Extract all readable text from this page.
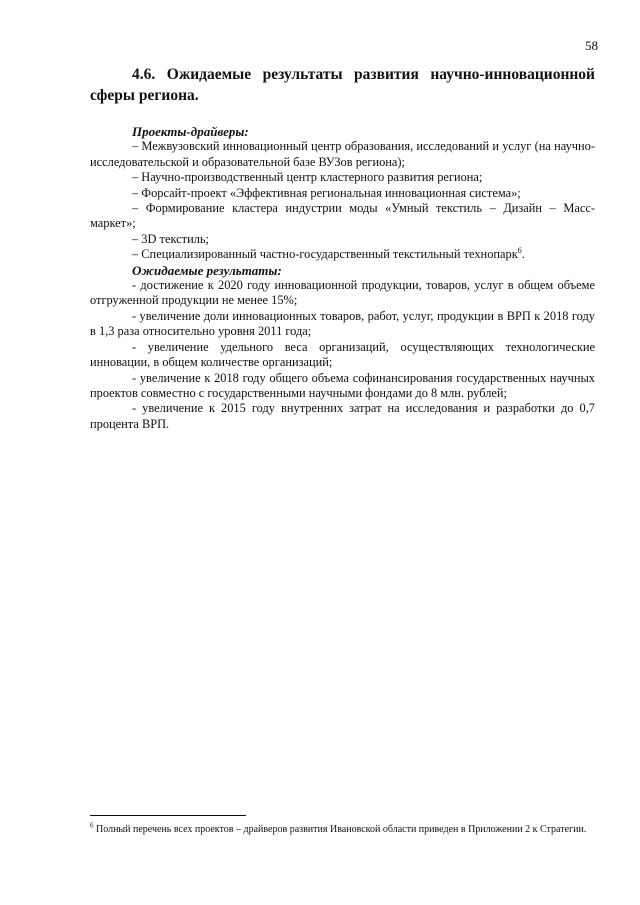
58

4.6. Ожидаемые результаты развития научно-инновационной сферы региона.

Проекты-драйверы:

– Межвузовский инновационный центр образования, исследований и услуг (на научно-исследовательской и образовательной базе ВУЗов региона);

– Научно-производственный центр кластерного развития региона;

– Форсайт-проект «Эффективная региональная инновационная система»;

– Формирование кластера индустрии моды «Умный текстиль – Дизайн – Масс-маркет»;

– 3D текстиль;

– Специализированный частно-государственный текстильный технопарк$^6$.

Ожидаемые результаты:

- достижение к 2020 году инновационной продукции, товаров, услуг в общем объеме отгруженной продукции не менее 15%;

- увеличение доли инновационных товаров, работ, услуг, продукции в ВРП к 2018 году в 1,3 раза относительно уровня 2011 года;

- увеличение удельного веса организаций, осуществляющих технологические инновации, в общем количестве организаций;

- увеличение к 2018 году общего объема софинансирования государственных научных проектов совместно с государственными научными фондами до 8 млн. рублей;

- увеличение к 2015 году внутренних затрат на исследования и разработки до 0,7 процента ВРП.

$^6$ Полный перечень всех проектов – драйверов развития Ивановской области приведен в Приложении 2 к Стратегии.
